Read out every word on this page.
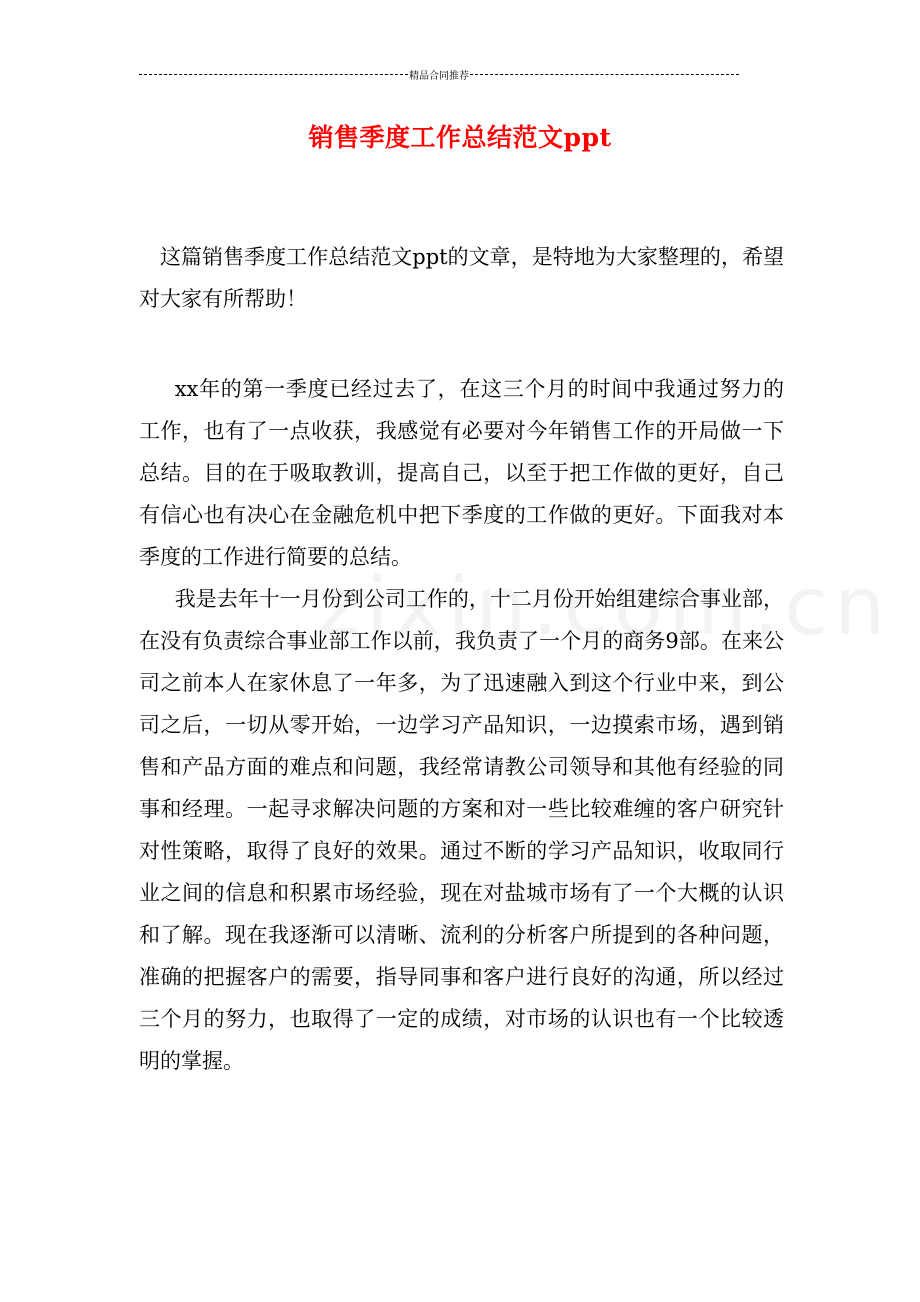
精品合同推荐
销售季度工作总结范文ppt

这篇销售季度工作总结范文ppt的文章，是特地为大家整理的，希望对大家有所帮助！

xx年的第一季度已经过去了，在这三个月的时间中我通过努力的工作，也有了一点收获，我感觉有必要对今年销售工作的开局做一下总结。目的在于吸取教训，提高自己，以至于把工作做的更好，自己有信心也有决心在金融危机中把下季度的工作做的更好。下面我对本季度的工作进行简要的总结。

我是去年十一月份到公司工作的，十二月份开始组建综合事业部，在没有负责综合事业部工作以前，我负责了一个月的商务9部。在来公司之前本人在家休息了一年多，为了迅速融入到这个行业中来，到公司之后，一切从零开始，一边学习产品知识，一边摸索市场，遇到销售和产品方面的难点和问题，我经常请教公司领导和其他有经验的同事和经理。一起寻求解决问题的方案和对一些比较难缠的客户研究针对性策略，取得了良好的效果。通过不断的学习产品知识，收取同行业之间的信息和积累市场经验，现在对盐城市场有了一个大概的认识和了解。现在我逐渐可以清晰、流利的分析客户所提到的各种问题，准确的把握客户的需要，指导同事和客户进行良好的沟通，所以经过三个月的努力，也取得了一定的成绩，对市场的认识也有一个比较透明的掌握。
